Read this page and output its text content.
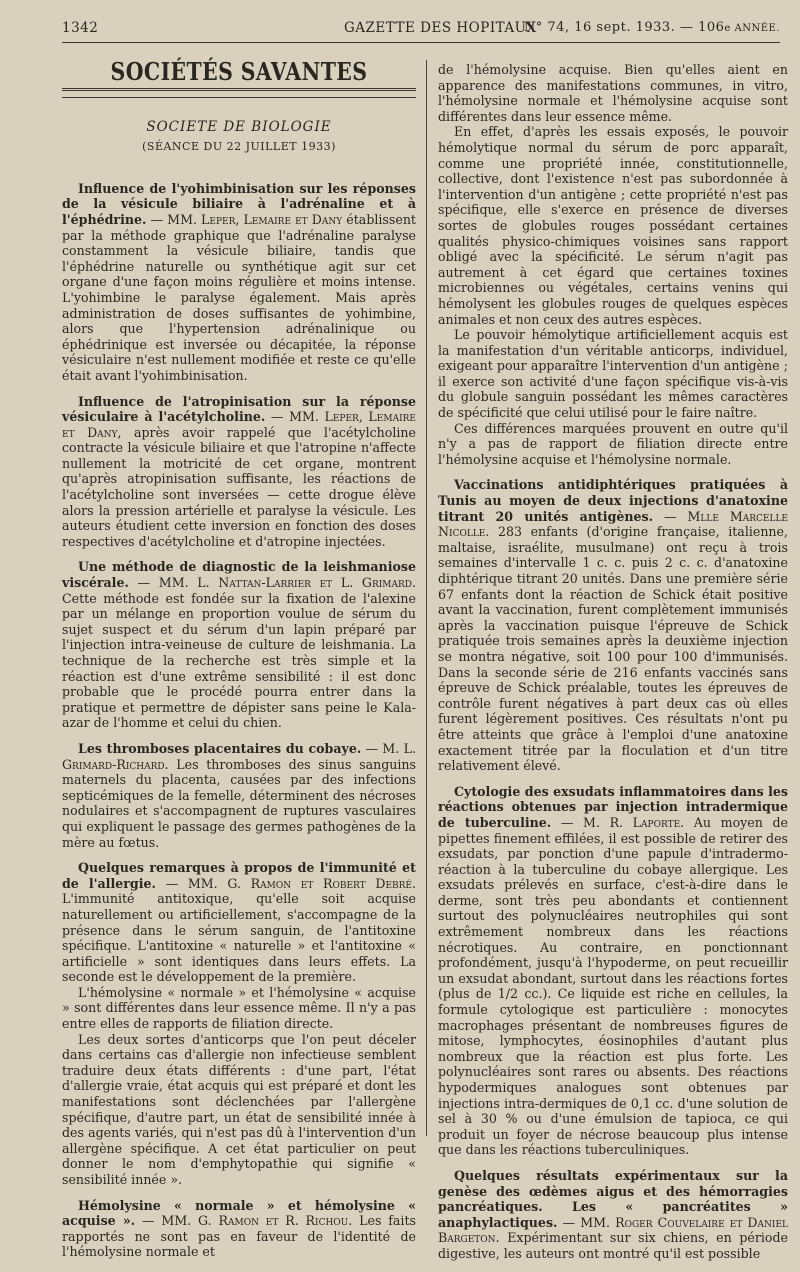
1342	GAZETTE DES HOPITAUX
N° 74, 16 sept. 1933. — 106e ANNÉE.
SOCIÉTÉS SAVANTES
SOCIETE DE BIOLOGIE
(SÉANCE DU 22 JUILLET 1933)

Influence de l'yohimbinisation sur les réponses de la vésicule biliaire à l'adrénaline et à l'éphédrine. — MM. Leper, Lemaire et Dany établissent par la méthode graphique que l'adrénaline paralyse constamment la vésicule biliaire, tandis que l'éphédrine naturelle ou synthétique agit sur cet organe d'une façon moins régulière et moins intense. L'yohimbine le paralyse également. Mais après administration de doses suffisantes de yohimbine, alors que l'hypertension adrénalinique ou éphédrinique est inversée ou décapitée, la réponse vésiculaire n'est nullement modifiée et reste ce qu'elle était avant l'yohimbinisation.

Influence de l'atropinisation sur la réponse vésiculaire à l'acétylcholine. — MM. Leper, Lemaire et Dany, après avoir rappelé que l'acétylcholine contracte la vésicule biliaire et que l'atropine n'affecte nullement la motricité de cet organe, montrent qu'après atropinisation suffisante, les réactions de l'acétylcholine sont inversées — cette drogue élève alors la pression artérielle et paralyse la vésicule. Les auteurs étudient cette inversion en fonction des doses respectives d'acétylcholine et d'atropine injectées.

Une méthode de diagnostic de la leishmaniose viscérale. — MM. L. Nattan-Larrier et L. Grimard. Cette méthode est fondée sur la fixation de l'alexine par un mélange en proportion voulue de sérum du sujet suspect et du sérum d'un lapin préparé par l'injection intra-veineuse de culture de leishmania. La technique de la recherche est très simple et la réaction est d'une extrême sensibilité : il est donc probable que le procédé pourra entrer dans la pratique et permettre de dépister sans peine le Kala-azar de l'homme et celui du chien.

Les thromboses placentaires du cobaye. — M. L. Grimard-Richard. Les thromboses des sinus sanguins maternels du placenta, causées par des infections septicémiques de la femelle, déterminent des nécroses nodulaires et s'accompagnent de ruptures vasculaires qui expliquent le passage des germes pathogènes de la mère au fœtus.

Quelques remarques à propos de l'immunité et de l'allergie. — MM. G. Ramon et Robert Debré. L'immunité antitoxique, qu'elle soit acquise naturellement ou artificiellement, s'accompagne de la présence dans le sérum sanguin, de l'antitoxine spécifique. L'antitoxine « naturelle » et l'antitoxine « artificielle » sont identiques dans leurs effets. La seconde est le développement de la première.

L'hémolysine « normale » et l'hémolysine « acquise » sont différentes dans leur essence même. Il n'y a pas entre elles de rapports de filiation directe.

Les deux sortes d'anticorps que l'on peut déceler dans certains cas d'allergie non infectieuse semblent traduire deux états différents : d'une part, l'état d'allergie vraie, état acquis qui est préparé et dont les manifestations sont déclenchées par l'allergène spécifique, d'autre part, un état de sensibilité innée à des agents variés, qui n'est pas dû à l'intervention d'un allergène spécifique. A cet état particulier on peut donner le nom d'emphytopathie qui signifie « sensibilité innée ».

Hémolysine « normale » et hémolysine « acquise ». — MM. G. Ramon et R. Richou. Les faits rapportés ne sont pas en faveur de l'identité de l'hémolysine normale et

de l'hémolysine acquise. Bien qu'elles aient en apparence des manifestations communes, in vitro, l'hémolysine normale et l'hémolysine acquise sont différentes dans leur essence même.

En effet, d'après les essais exposés, le pouvoir hémolytique normal du sérum de porc apparaît, comme une propriété innée, constitutionnelle, collective, dont l'existence n'est pas subordonnée à l'intervention d'un antigène ; cette propriété n'est pas spécifique, elle s'exerce en présence de diverses sortes de globules rouges possédant certaines qualités physico-chimiques voisines sans rapport obligé avec la spécificité. Le sérum n'agit pas autrement à cet égard que certaines toxines microbiennes ou végétales, certains venins qui hémolysent les globules rouges de quelques espèces animales et non ceux des autres espèces.

Le pouvoir hémolytique artificiellement acquis est la manifestation d'un véritable anticorps, individuel, exigeant pour apparaître l'intervention d'un antigène ; il exerce son activité d'une façon spécifique vis-à-vis du globule sanguin possédant les mêmes caractères de spécificité que celui utilisé pour le faire naître.

Ces différences marquées prouvent en outre qu'il n'y a pas de rapport de filiation directe entre l'hémolysine acquise et l'hémolysine normale.

Vaccinations antidiphtériques pratiquées à Tunis au moyen de deux injections d'anatoxine titrant 20 unités antigènes. — Mlle Marcelle Nicolle. 283 enfants (d'origine française, italienne, maltaise, israélite, musulmane) ont reçu à trois semaines d'intervalle 1 c. c. puis 2 c. c. d'anatoxine diphtérique titrant 20 unités. Dans une première série 67 enfants dont la réaction de Schick était positive avant la vaccination, furent complètement immunisés après la vaccination puisque l'épreuve de Schick pratiquée trois semaines après la deuxième injection se montra négative, soit 100 pour 100 d'immunisés. Dans la seconde série de 216 enfants vaccinés sans épreuve de Schick préalable, toutes les épreuves de contrôle furent négatives à part deux cas où elles furent légèrement positives. Ces résultats n'ont pu être atteints que grâce à l'emploi d'une anatoxine exactement titrée par la floculation et d'un titre relativement élevé.

Cytologie des exsudats inflammatoires dans les réactions obtenues par injection intradermique de tuberculine. — M. R. Laporte. Au moyen de pipettes finement effilées, il est possible de retirer des exsudats, par ponction d'une papule d'intradermo-réaction à la tuberculine du cobaye allergique. Les exsudats prélevés en surface, c'est-à-dire dans le derme, sont très peu abondants et contiennent surtout des polynucléaires neutrophiles qui sont extrêmement nombreux dans les réactions nécrotiques. Au contraire, en ponctionnant profondément, jusqu'à l'hypoderme, on peut recueillir un exsudat abondant, surtout dans les réactions fortes (plus de 1/2 cc.). Ce liquide est riche en cellules, la formule cytologique est particulière : monocytes macrophages présentant de nombreuses figures de mitose, lymphocytes, éosinophiles d'autant plus nombreux que la réaction est plus forte. Les polynucléaires sont rares ou absents. Des réactions hypodermiques analogues sont obtenues par injections intra-dermiques de 0,1 cc. d'une solution de sel à 30 % ou d'une émulsion de tapioca, ce qui produit un foyer de nécrose beaucoup plus intense que dans les réactions tuberculiniques.

Quelques résultats expérimentaux sur la genèse des œdèmes aigus et des hémorragies pancréatiques. Les « pancréatites » anaphylactiques. — MM. Roger Couvelaire et Daniel Bargeton. Expérimentant sur six chiens, en période digestive, les auteurs ont montré qu'il est possible
